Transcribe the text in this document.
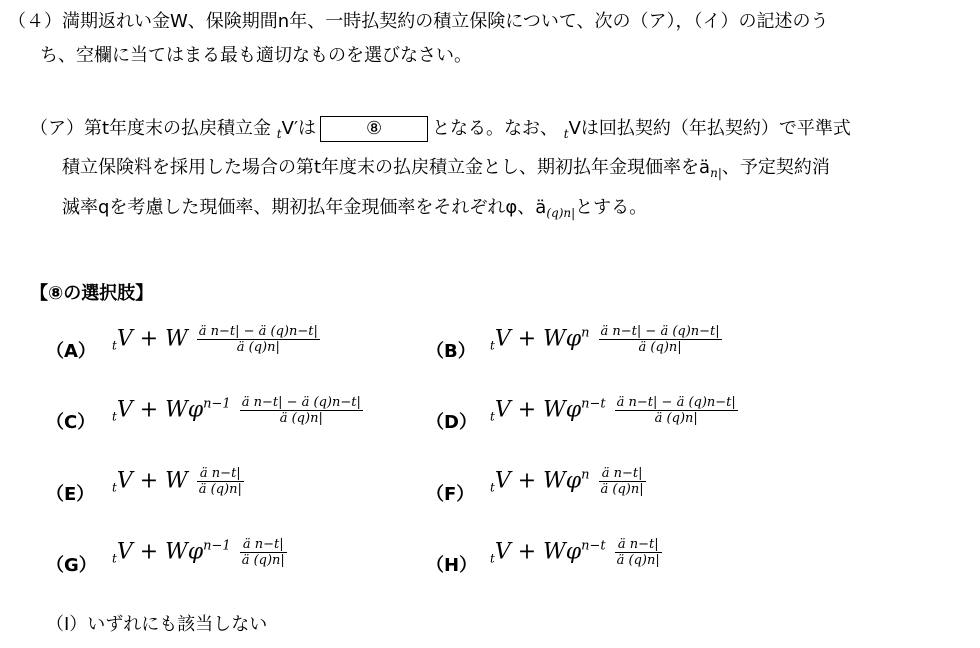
（４）満期返れい金W、保険期間n年、一時払契約の積立保険について、次の（ア），（イ）の記述のう
ち、空欄に当てはまる最も適切なものを選びなさい。
（ア）第t年度末の払戻積立金 $_t$V′は	⑧	となる。なお、 $_t$Vは回払契約（年払契約）で平準式
積立保険料を採用した場合の第t年度末の払戻積立金とし、期初払年金現価率を$ä_{n|}$、予定契約消
滅率qを考慮した現価率、期初払年金現価率をそれぞれφ、$ä_{(q)n|}$とする。
【⑧の選択肢】
（A） $_t$V + W $\frac{\text{ä n−t| − ä (q)n−t|}}{ä (q)n|}$	（B） $_tV + W\varphi^n \frac{\text{ä n−t| − ä (q)n−t|}}{ä (q)n|}$
（C） $_tV + W\varphi^{n-1} \frac{\text{ä n−t| − ä (q)n−t|}}{ä (q)n|}$	（D） $_tV + W\varphi^{n-t} \frac{\text{ä n−t| − ä (q)n−t|}}{ä (q)n|}$
（E） $_t$V + W $\frac{\text{ä n−t|}}{ä (q)n|}$	（F） $_tV + W\varphi^n \frac{\text{ä n−t|}}{ä (q)n|}$
（G） $_tV + W\varphi^{n-1} \frac{\text{ä n−t|}}{ä (q)n|}$	（H） $_tV + W\varphi^{n-t} \frac{\text{ä n−t|}}{ä (q)n|}$
（I）いずれにも該当しない
